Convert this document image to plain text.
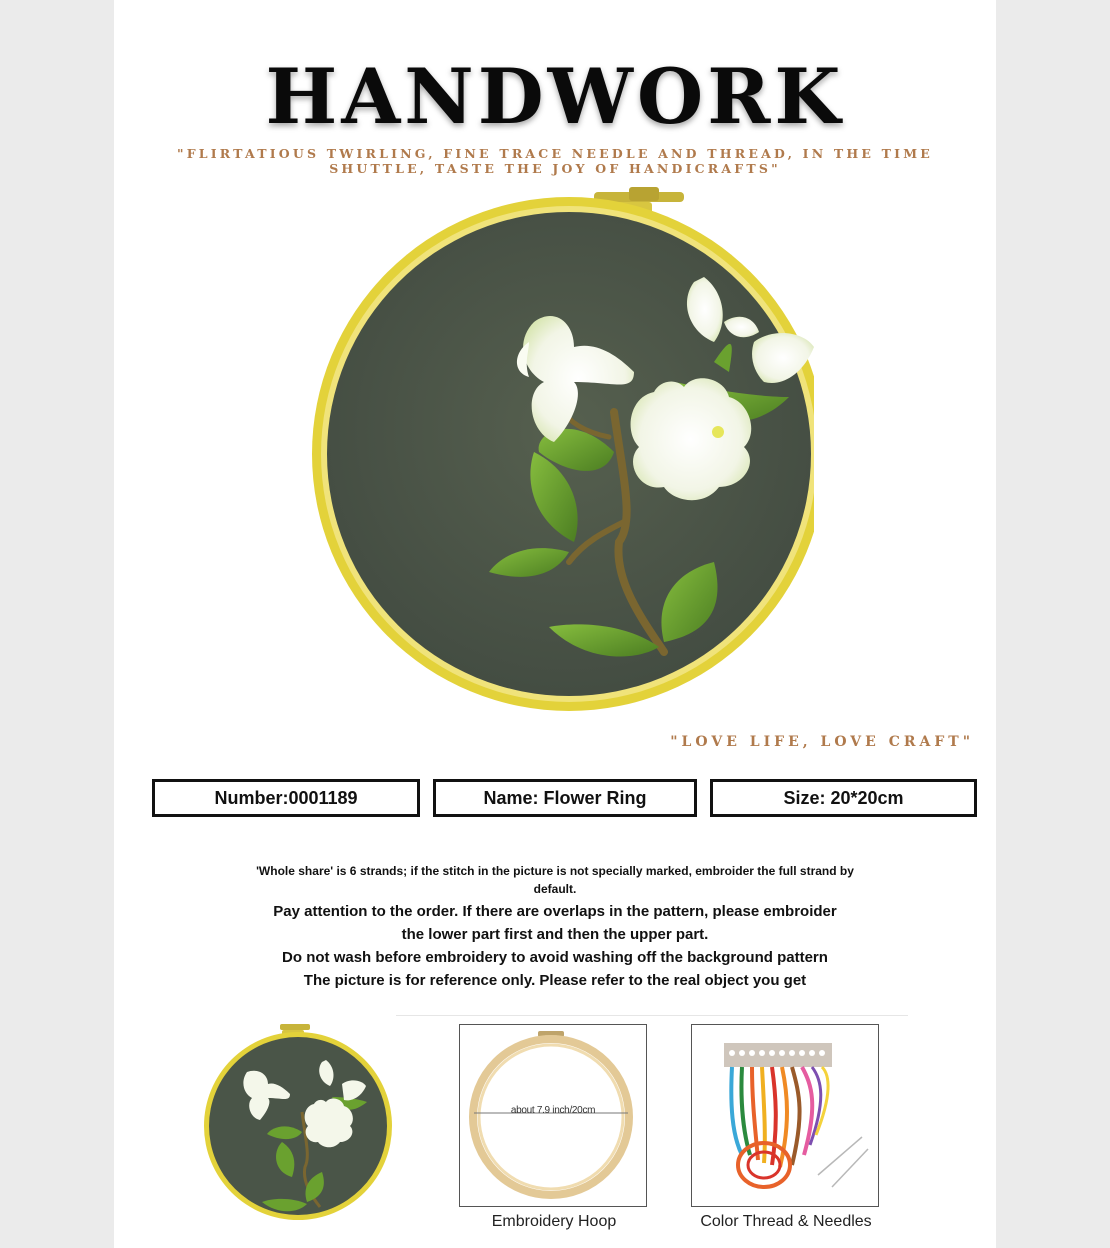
HANDWORK
"FLIRTATIOUS TWIRLING, FINE TRACE NEEDLE AND THREAD, IN THE TIME SHUTTLE, TASTE THE JOY OF HANDICRAFTS"
"LOVE LIFE, LOVE CRAFT"
Number:0001189	Name: Flower Ring	Size: 20*20cm
'Whole share' is 6 strands; if the stitch in the picture is not specially marked, embroider the full strand by default.
Pay attention to the order. If there are overlaps in the pattern, please embroider the lower part first and then the upper part.
Do not wash before embroidery to avoid washing off the background pattern
The picture is for reference only. Please refer to the real object you get
about 7.9 inch/20cm
Embroidery Hoop	Color Thread & Needles
